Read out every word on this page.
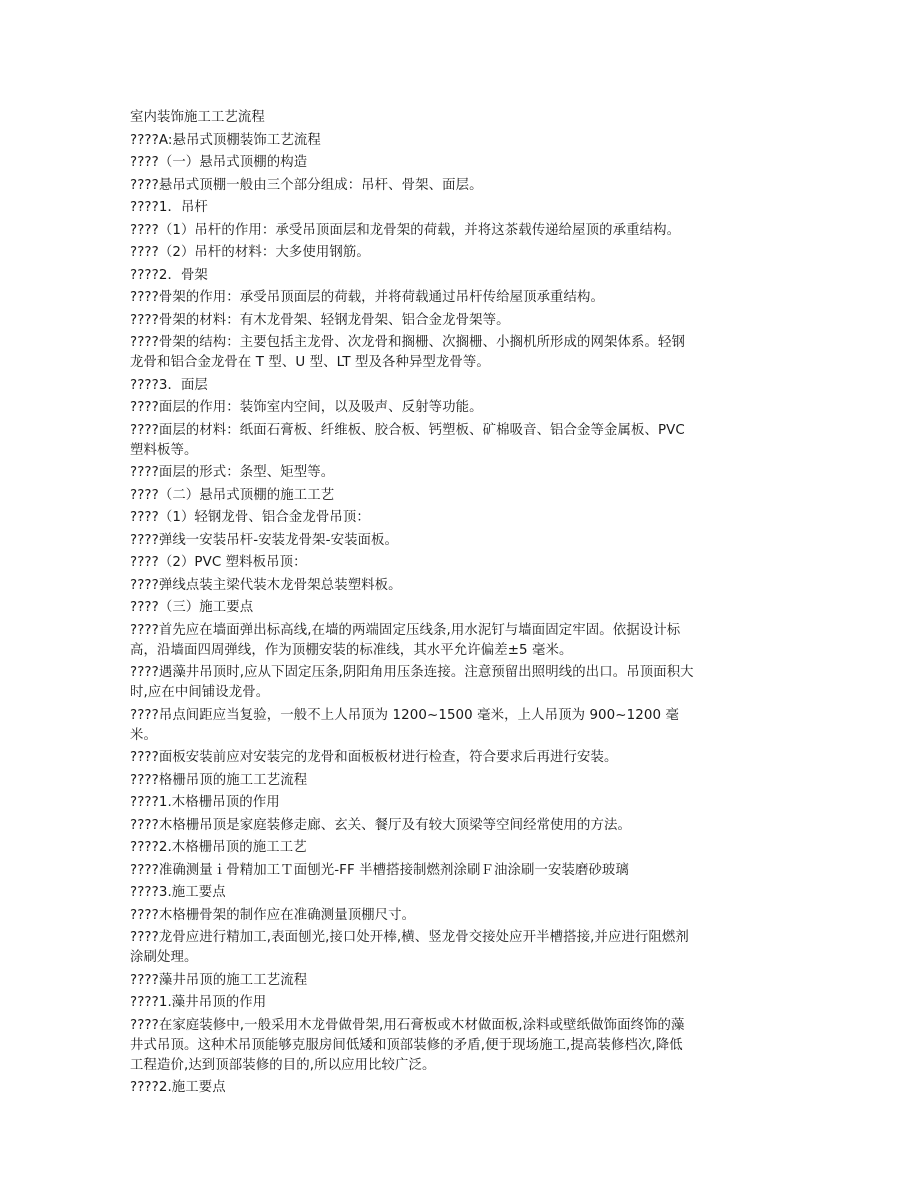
室内装饰施工工艺流程

????A:悬吊式顶棚装饰工艺流程

????（一）悬吊式顶棚的构造

????悬吊式顶棚一般由三个部分组成：吊杆、骨架、面层。

????1．吊杆

????（1）吊杆的作用：承受吊顶面层和龙骨架的荷载，并将这茶载传递给屋顶的承重结构。

????（2）吊杆的材料：大多使用钢筋。

????2．骨架

????骨架的作用：承受吊顶面层的荷载，并将荷载通过吊杆传给屋顶承重结构。

????骨架的材料：有木龙骨架、轻钢龙骨架、铝合金龙骨架等。

????骨架的结构：主要包括主龙骨、次龙骨和搁栅、次搁栅、小搁机所形成的网架体系。轻钢龙骨和铝合金龙骨在 T 型、U 型、LT 型及各种异型龙骨等。

????3．面层

????面层的作用：装饰室内空间，以及吸声、反射等功能。

????面层的材料：纸面石膏板、纤维板、胶合板、钙塑板、矿棉吸音、铝合金等金属板、PVC 塑料板等。

????面层的形式：条型、矩型等。

????（二）悬吊式顶棚的施工工艺

????（1）轻钢龙骨、铝合金龙骨吊顶：

????弹线一安装吊杆-安装龙骨架-安装面板。

????（2）PVC 塑料板吊顶：

????弹线点装主梁代装木龙骨架总装塑料板。

????（三）施工要点

????首先应在墙面弹出标高线,在墙的两端固定压线条,用水泥钉与墙面固定牢固。依据设计标高，沿墙面四周弹线，作为顶棚安装的标准线，其水平允许偏差±5 毫米。

????遇藻井吊顶时,应从下固定压条,阴阳角用压条连接。注意预留出照明线的出口。吊顶面积大时,应在中间铺设龙骨。

????吊点间距应当复验，一般不上人吊顶为 1200~1500 毫米，上人吊顶为 900~1200 毫米。

????面板安装前应对安装完的龙骨和面板板材进行检查，符合要求后再进行安装。

????格栅吊顶的施工工艺流程

????1.木格栅吊顶的作用

????木格栅吊顶是家庭装修走廊、玄关、餐厅及有较大顶梁等空间经常使用的方法。

????2.木格栅吊顶的施工工艺

????准确测量ｉ骨精加工Ｔ面刨光-FF 半槽搭接制燃剂涂刷Ｆ油涂刷一安装磨砂玻璃

????3.施工要点

????木格栅骨架的制作应在准确测量顶棚尺寸。

????龙骨应进行精加工,表面刨光,接口处开棒,横、竖龙骨交接处应开半槽搭接,并应进行阻燃剂涂刷处理。

????藻井吊顶的施工工艺流程

????1.藻井吊顶的作用

????在家庭装修中,一般采用木龙骨做骨架,用石膏板或木材做面板,涂料或壁纸做饰面终饰的藻井式吊顶。这种术吊顶能够克服房间低矮和顶部装修的矛盾,便于现场施工,提高装修档次,降低工程造价,达到顶部装修的目的,所以应用比较广泛。

????2.施工要点
